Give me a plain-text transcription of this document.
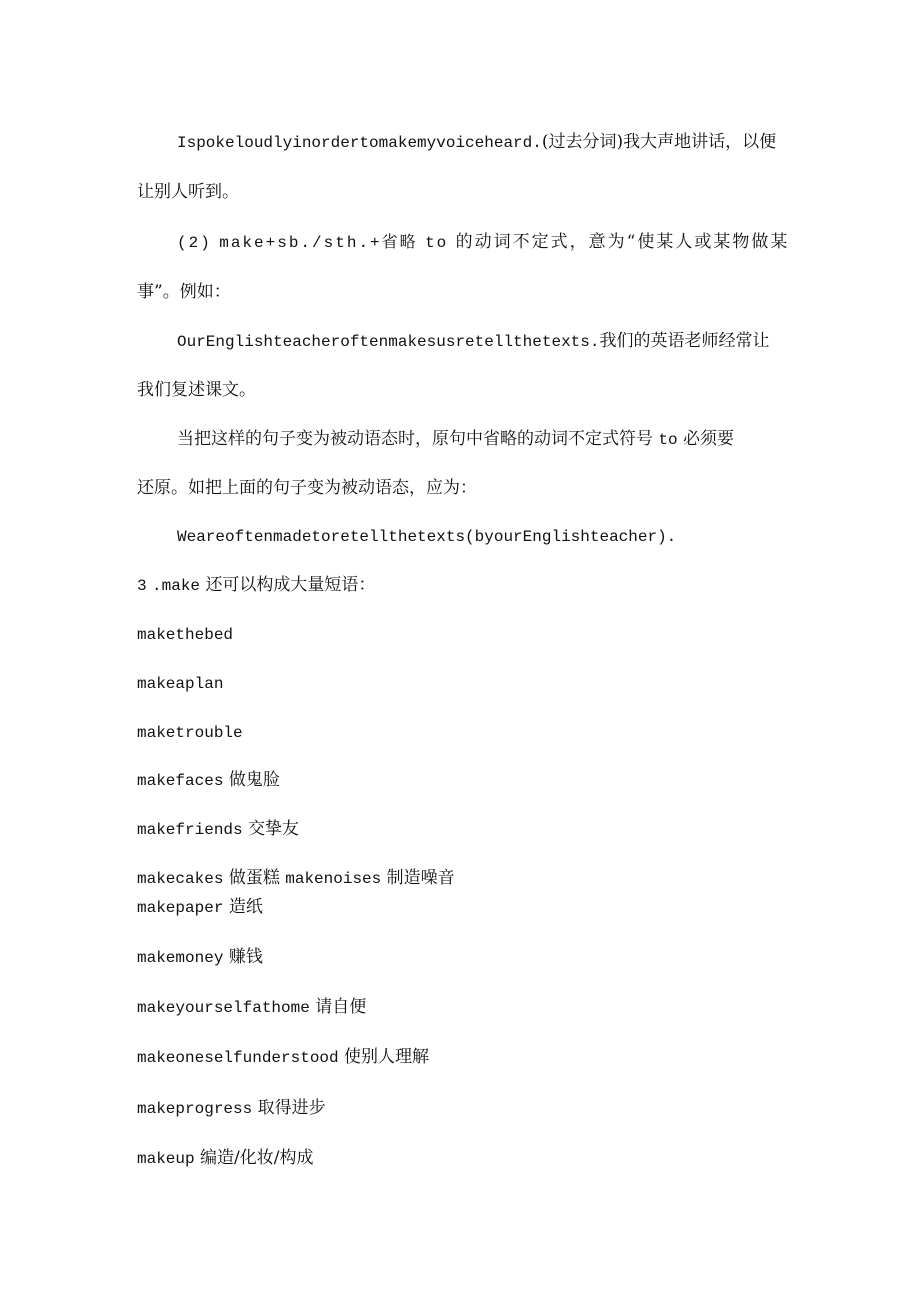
Ispokeloudlyinordertomakemyvoiceheard.(过去分词)我大声地讲话，以便

让别人听到。

(2) make+sb./sth.+省略 to 的动词不定式，意为“使某人或某物做某

事”。例如：

OurEnglishteacheroftenmakesusretellthetexts.我们的英语老师经常让

我们复述课文。

当把这样的句子变为被动语态时，原句中省略的动词不定式符号 to 必须要

还原。如把上面的句子变为被动语态，应为：

Weareoftenmadetoretellthetexts(byourEnglishteacher).

3 .make 还可以构成大量短语：

makethebed

makeaplan

maketrouble

makefaces 做鬼脸

makefriends 交挚友

makecakes 做蛋糕 makenoises 制造噪音

makepaper 造纸

makemoney 赚钱

makeyourselfathome 请自便

makeoneselfunderstood 使别人理解

makeprogress 取得进步

makeup 编造/化妆/构成
